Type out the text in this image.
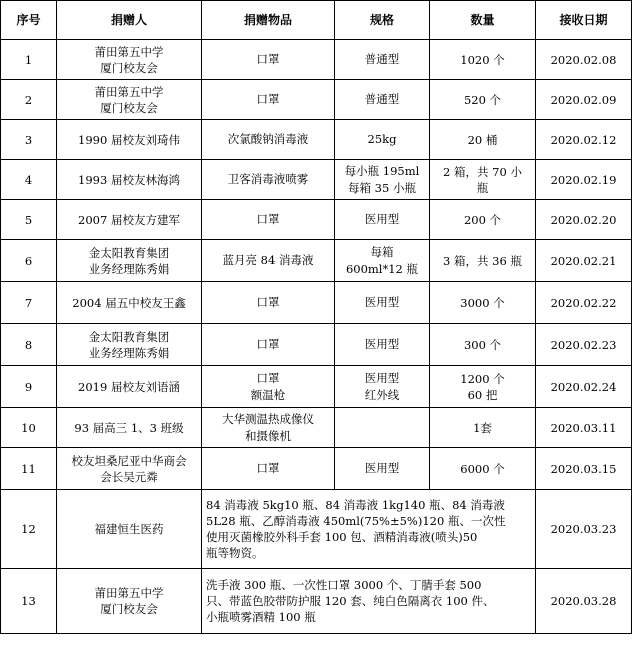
序号	捐赠人	捐赠物品	规格	数量	接收日期

1	莆田第五中学
厦门校友会	口罩	普通型	1020 个	2020.02.08

2	莆田第五中学
厦门校友会	口罩	普通型	520 个	2020.02.09

3	1990 届校友刘琦伟	次氯酸钠消毒液	25kg	20 桶	2020.02.12

4	1993 届校友林海鸿	卫客消毒液喷雾	每小瓶 195ml
每箱 35 小瓶	2 箱，共 70 小
瓶	2020.02.19

5	2007 届校友方建军	口罩	医用型	200 个	2020.02.20

6	金太阳教育集团
业务经理陈秀娟	蓝月亮 84 消毒液	每箱
600ml*12 瓶	3 箱，共 36 瓶	2020.02.21

7	2004 届五中校友王鑫	口罩	医用型	3000 个	2020.02.22

8	金太阳教育集团
业务经理陈秀娟	口罩	医用型	300 个	2020.02.23

9	2019 届校友刘语涵	口罩
额温枪	医用型
红外线	1200 个
60 把	2020.02.24

10	93 届高三 1、3 班级	大华测温热成像仪
和摄像机		1套	2020.03.11

11	校友坦桑尼亚中华商会
会长吴元粦	口罩	医用型	6000 个	2020.03.15

12	福建恒生医药	84 消毒液 5kg10 瓶、84 消毒液 1kg140 瓶、84 消毒液
5L28 瓶、乙醇消毒液 450ml(75%±5%)120 瓶、一次性
使用灭菌橡胶外科手套 100 包、酒精消毒液(喷头)50
瓶等物资。			2020.03.23

13	莆田第五中学
厦门校友会	洗手液 300 瓶、一次性口罩 3000 个、丁腈手套 500
只、带蓝色胶带防护服 120 套、纯白色隔离衣 100 件、
小瓶喷雾酒精 100 瓶			2020.03.28
